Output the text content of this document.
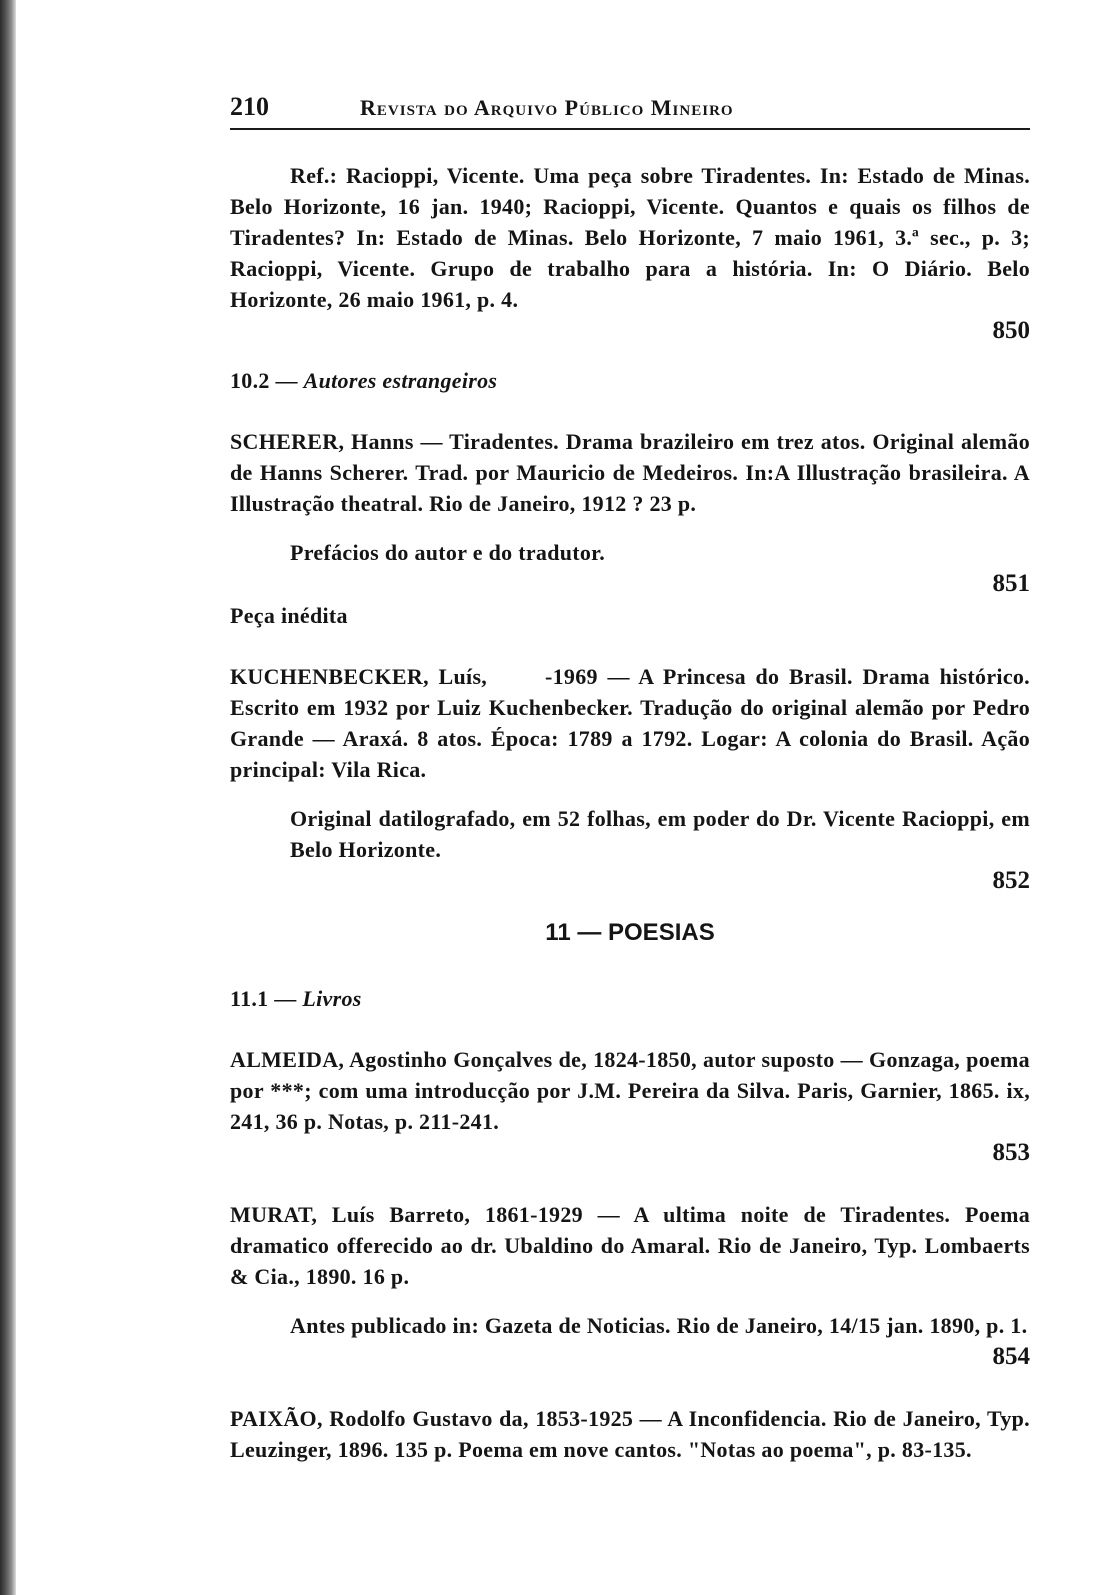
210	Revista do Arquivo Público Mineiro

Ref.: Racioppi, Vicente. Uma peça sobre Tiradentes. In: Estado de Minas. Belo Horizonte, 16 jan. 1940; Racioppi, Vicente. Quantos e quais os filhos de Tiradentes? In: Estado de Minas. Belo Horizonte, 7 maio 1961, 3.ª sec., p. 3; Racioppi, Vicente. Grupo de trabalho para a história. In: O Diário. Belo Horizonte, 26 maio 1961, p. 4.

850

10.2 — Autores estrangeiros

SCHERER, Hanns — Tiradentes. Drama brazileiro em trez atos. Original alemão de Hanns Scherer. Trad. por Mauricio de Medeiros. In:A Illustração brasileira. A Illustração theatral. Rio de Janeiro, 1912 ? 23 p.

Prefácios do autor e do tradutor.

851

Peça inédita

KUCHENBECKER, Luís,      -1969 — A Princesa do Brasil. Drama histórico. Escrito em 1932 por Luiz Kuchenbecker. Tradução do original alemão por Pedro Grande — Araxá. 8 atos. Época: 1789 a 1792. Logar: A colonia do Brasil. Ação principal: Vila Rica.

Original datilografado, em 52 folhas, em poder do Dr. Vicente Racioppi, em Belo Horizonte.

852
11 — POESIAS

11.1 — Livros

ALMEIDA, Agostinho Gonçalves de, 1824-1850, autor suposto — Gonzaga, poema por ***; com uma introducção por J.M. Pereira da Silva. Paris, Garnier, 1865. ix, 241, 36 p. Notas, p. 211-241.

853

MURAT, Luís Barreto, 1861-1929 — A ultima noite de Tiradentes. Poema dramatico offerecido ao dr. Ubaldino do Amaral. Rio de Janeiro, Typ. Lombaerts & Cia., 1890. 16 p.

Antes publicado in: Gazeta de Noticias. Rio de Janeiro, 14/15 jan. 1890, p. 1.

854

PAIXÃO, Rodolfo Gustavo da, 1853-1925 — A Inconfidencia. Rio de Janeiro, Typ. Leuzinger, 1896. 135 p. Poema em nove cantos. "Notas ao poema", p. 83-135.
